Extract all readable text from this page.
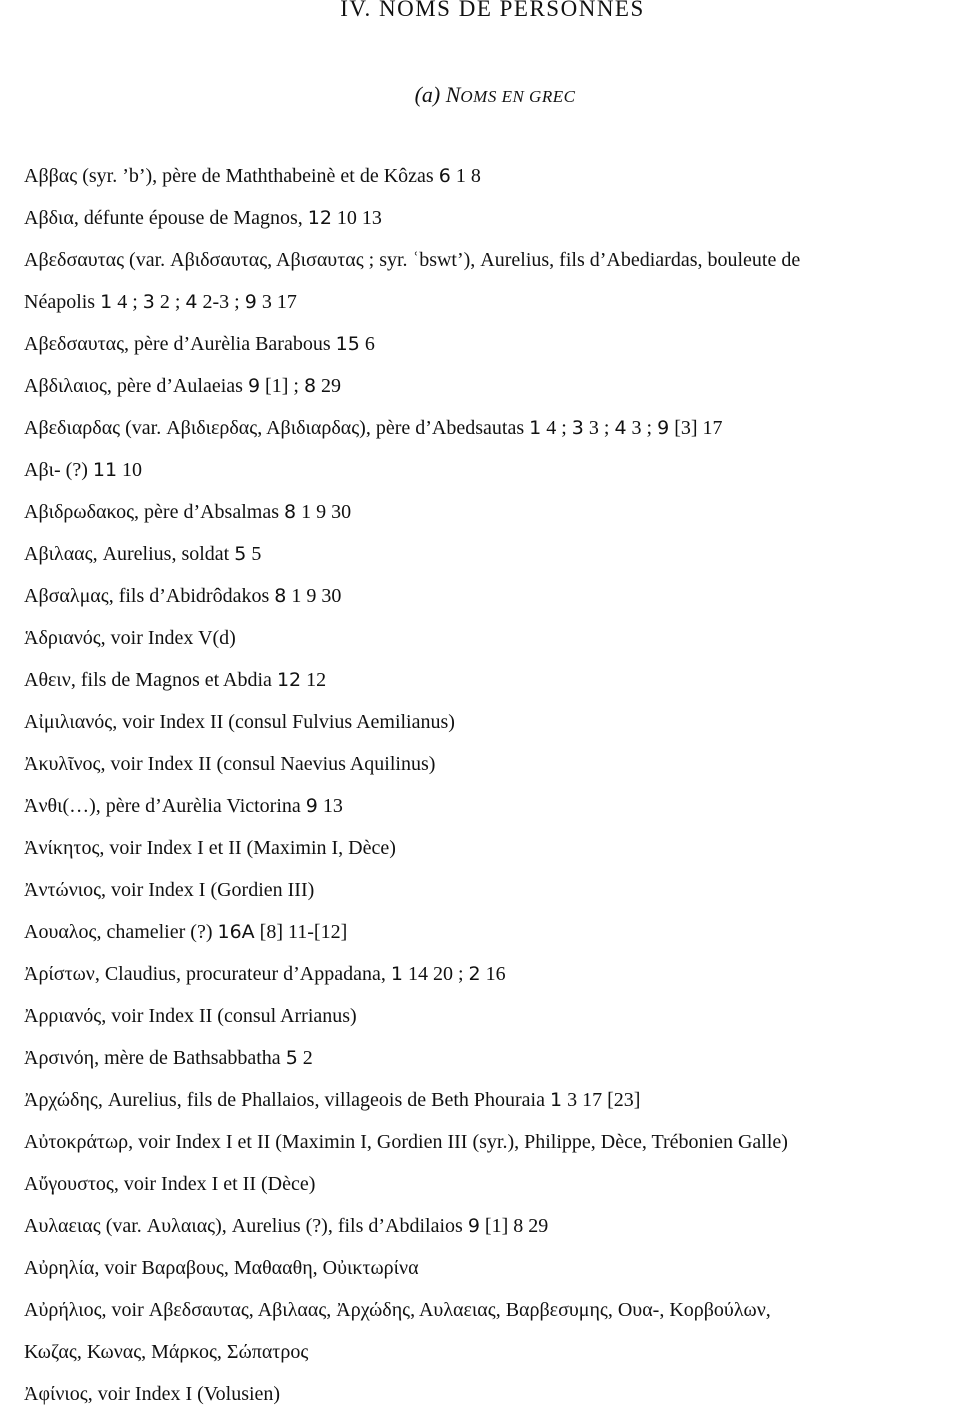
IV. NOMS DE PERSONNES
(a) NOMS EN GREC
Αββας (syr. ’b’), père de Maththabeinè et de Kôzas 6 1 8
Αβδια, défunte épouse de Magnos, 12 10 13
Αβεδσαυτας (var. Αβιδσαυτας, Αβισαυτας ; syr. ʿbswt’), Aurelius, fils d’Abediardas, bouleute de
Néapolis 1 4 ; 3 2 ; 4 2-3 ; 9 3 17
Αβεδσαυτας, père d’Aurèlia Barabous 15 6
Αβδιλαιος, père d’Aulaeias 9 [1] ; 8 29
Αβεδιαρδας (var. Αβιδιερδας, Αβιδιαρδας), père d’Abedsautas 1 4 ; 3 3 ; 4 3 ; 9 [3] 17
Αβι- (?) 11 10
Αβιδρωδακος, père d’Absalmas 8 1 9 30
Αβιλαας, Aurelius, soldat 5 5
Αβσαλμας, fils d’Abidrôdakos 8 1 9 30
Ἁδριανός, voir Index V(d)
Αθειν, fils de Magnos et Abdia 12 12
Αἰμιλιανός, voir Index II (consul Fulvius Aemilianus)
Ἀκυλῖνος, voir Index II (consul Naevius Aquilinus)
Ἀνθι(…), père d’Aurèlia Victorina 9 13
Ἀνίκητος, voir Index I et II (Maximin I, Dèce)
Ἀντώνιος, voir Index I (Gordien III)
Αουαλος, chamelier (?) 16A [8] 11-[12]
Ἀρίστων, Claudius, procurateur d’Appadana, 1 14 20 ; 2 16
Ἀρριανός, voir Index II (consul Arrianus)
Ἀρσινόη, mère de Bathsabbatha 5 2
Ἀρχώδης, Aurelius, fils de Phallaios, villageois de Beth Phouraia 1 3 17 [23]
Αὐτοκράτωρ, voir Index I et II (Maximin I, Gordien III (syr.), Philippe, Dèce, Trébonien Galle)
Αὔγουστος, voir Index I et II (Dèce)
Αυλαειας (var. Αυλαιας), Aurelius (?), fils d’Abdilaios 9 [1] 8 29
Αὐρηλία, voir Βαραβους, Μαθααθη, Οὐικτωρίνα
Αὐρήλιος, voir Αβεδσαυτας, Αβιλαας, Ἀρχώδης, Αυλαειας, Βαρβεσυμης, Ουα-, Κορβούλων,
Κωζας, Κωνας, Μάρκος, Σώπατρος
Ἀφίνιος, voir Index I (Volusien)
